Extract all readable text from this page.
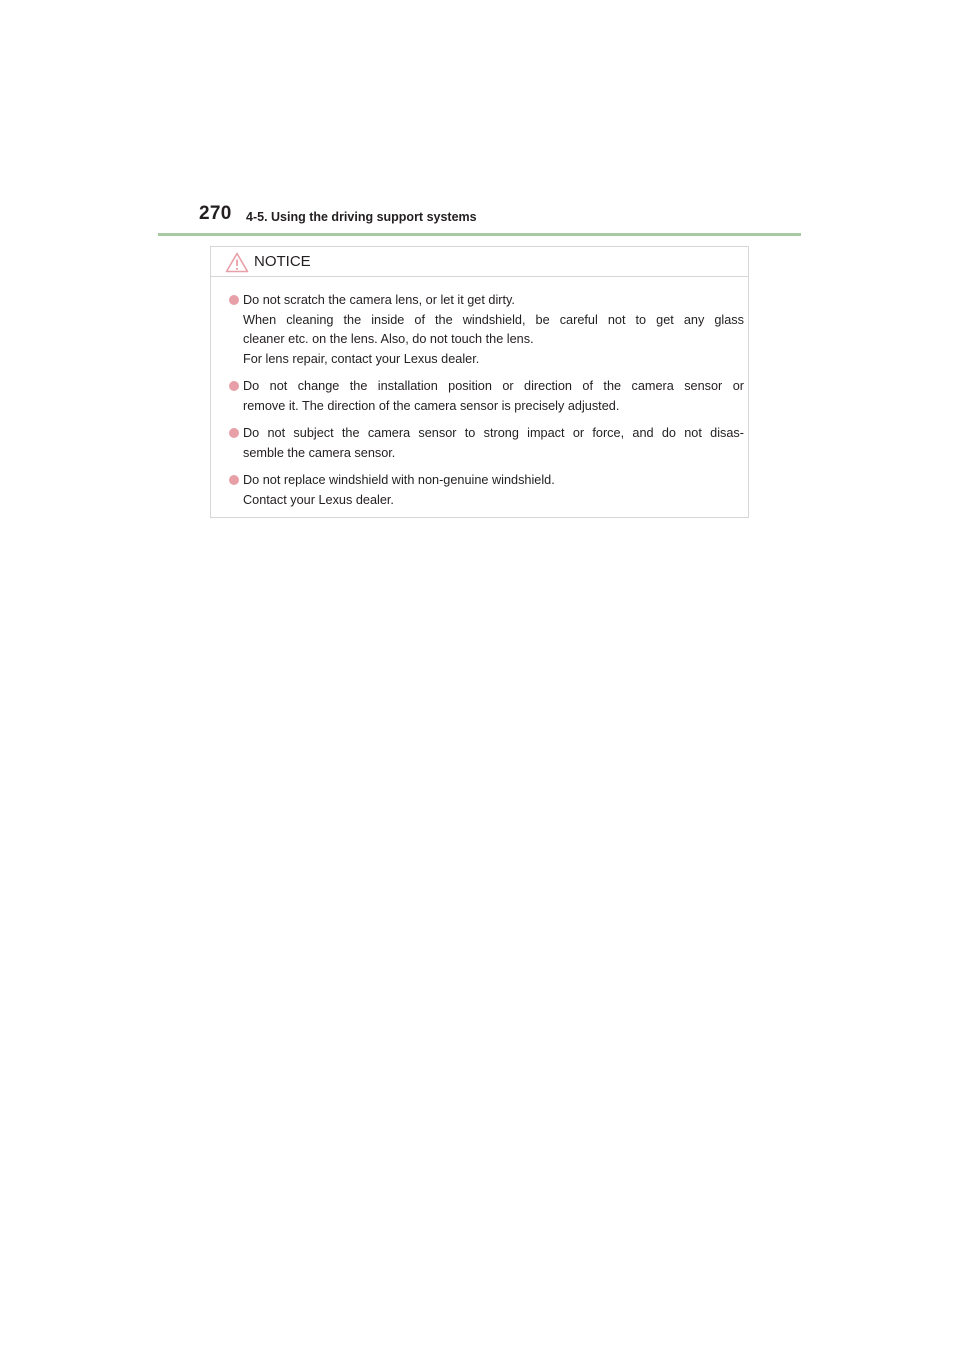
270 4-5. Using the driving support systems
NOTICE
Do not scratch the camera lens, or let it get dirty.
When cleaning the inside of the windshield, be careful not to get any glass
cleaner etc. on the lens. Also, do not touch the lens.
For lens repair, contact your Lexus dealer.
Do not change the installation position or direction of the camera sensor or
remove it. The direction of the camera sensor is precisely adjusted.
Do not subject the camera sensor to strong impact or force, and do not disas-
semble the camera sensor.
Do not replace windshield with non-genuine windshield.
Contact your Lexus dealer.
